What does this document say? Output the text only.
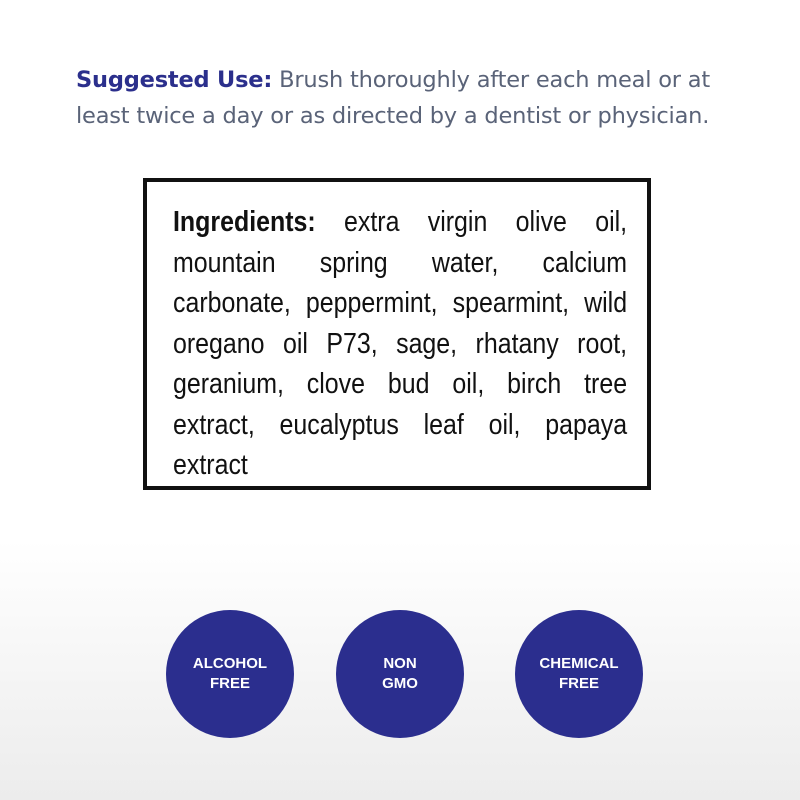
Suggested Use: Brush thoroughly after each meal or at least twice a day or as directed by a dentist or physician.
Ingredients: extra virgin olive oil, mountain spring water, calcium carbonate, peppermint, spearmint, wild oregano oil P73, sage, rhatany root, geranium, clove bud oil, birch tree extract, eucalyptus leaf oil, papaya extract
ALCOHOL
FREE
NON
GMO
CHEMICAL
FREE
